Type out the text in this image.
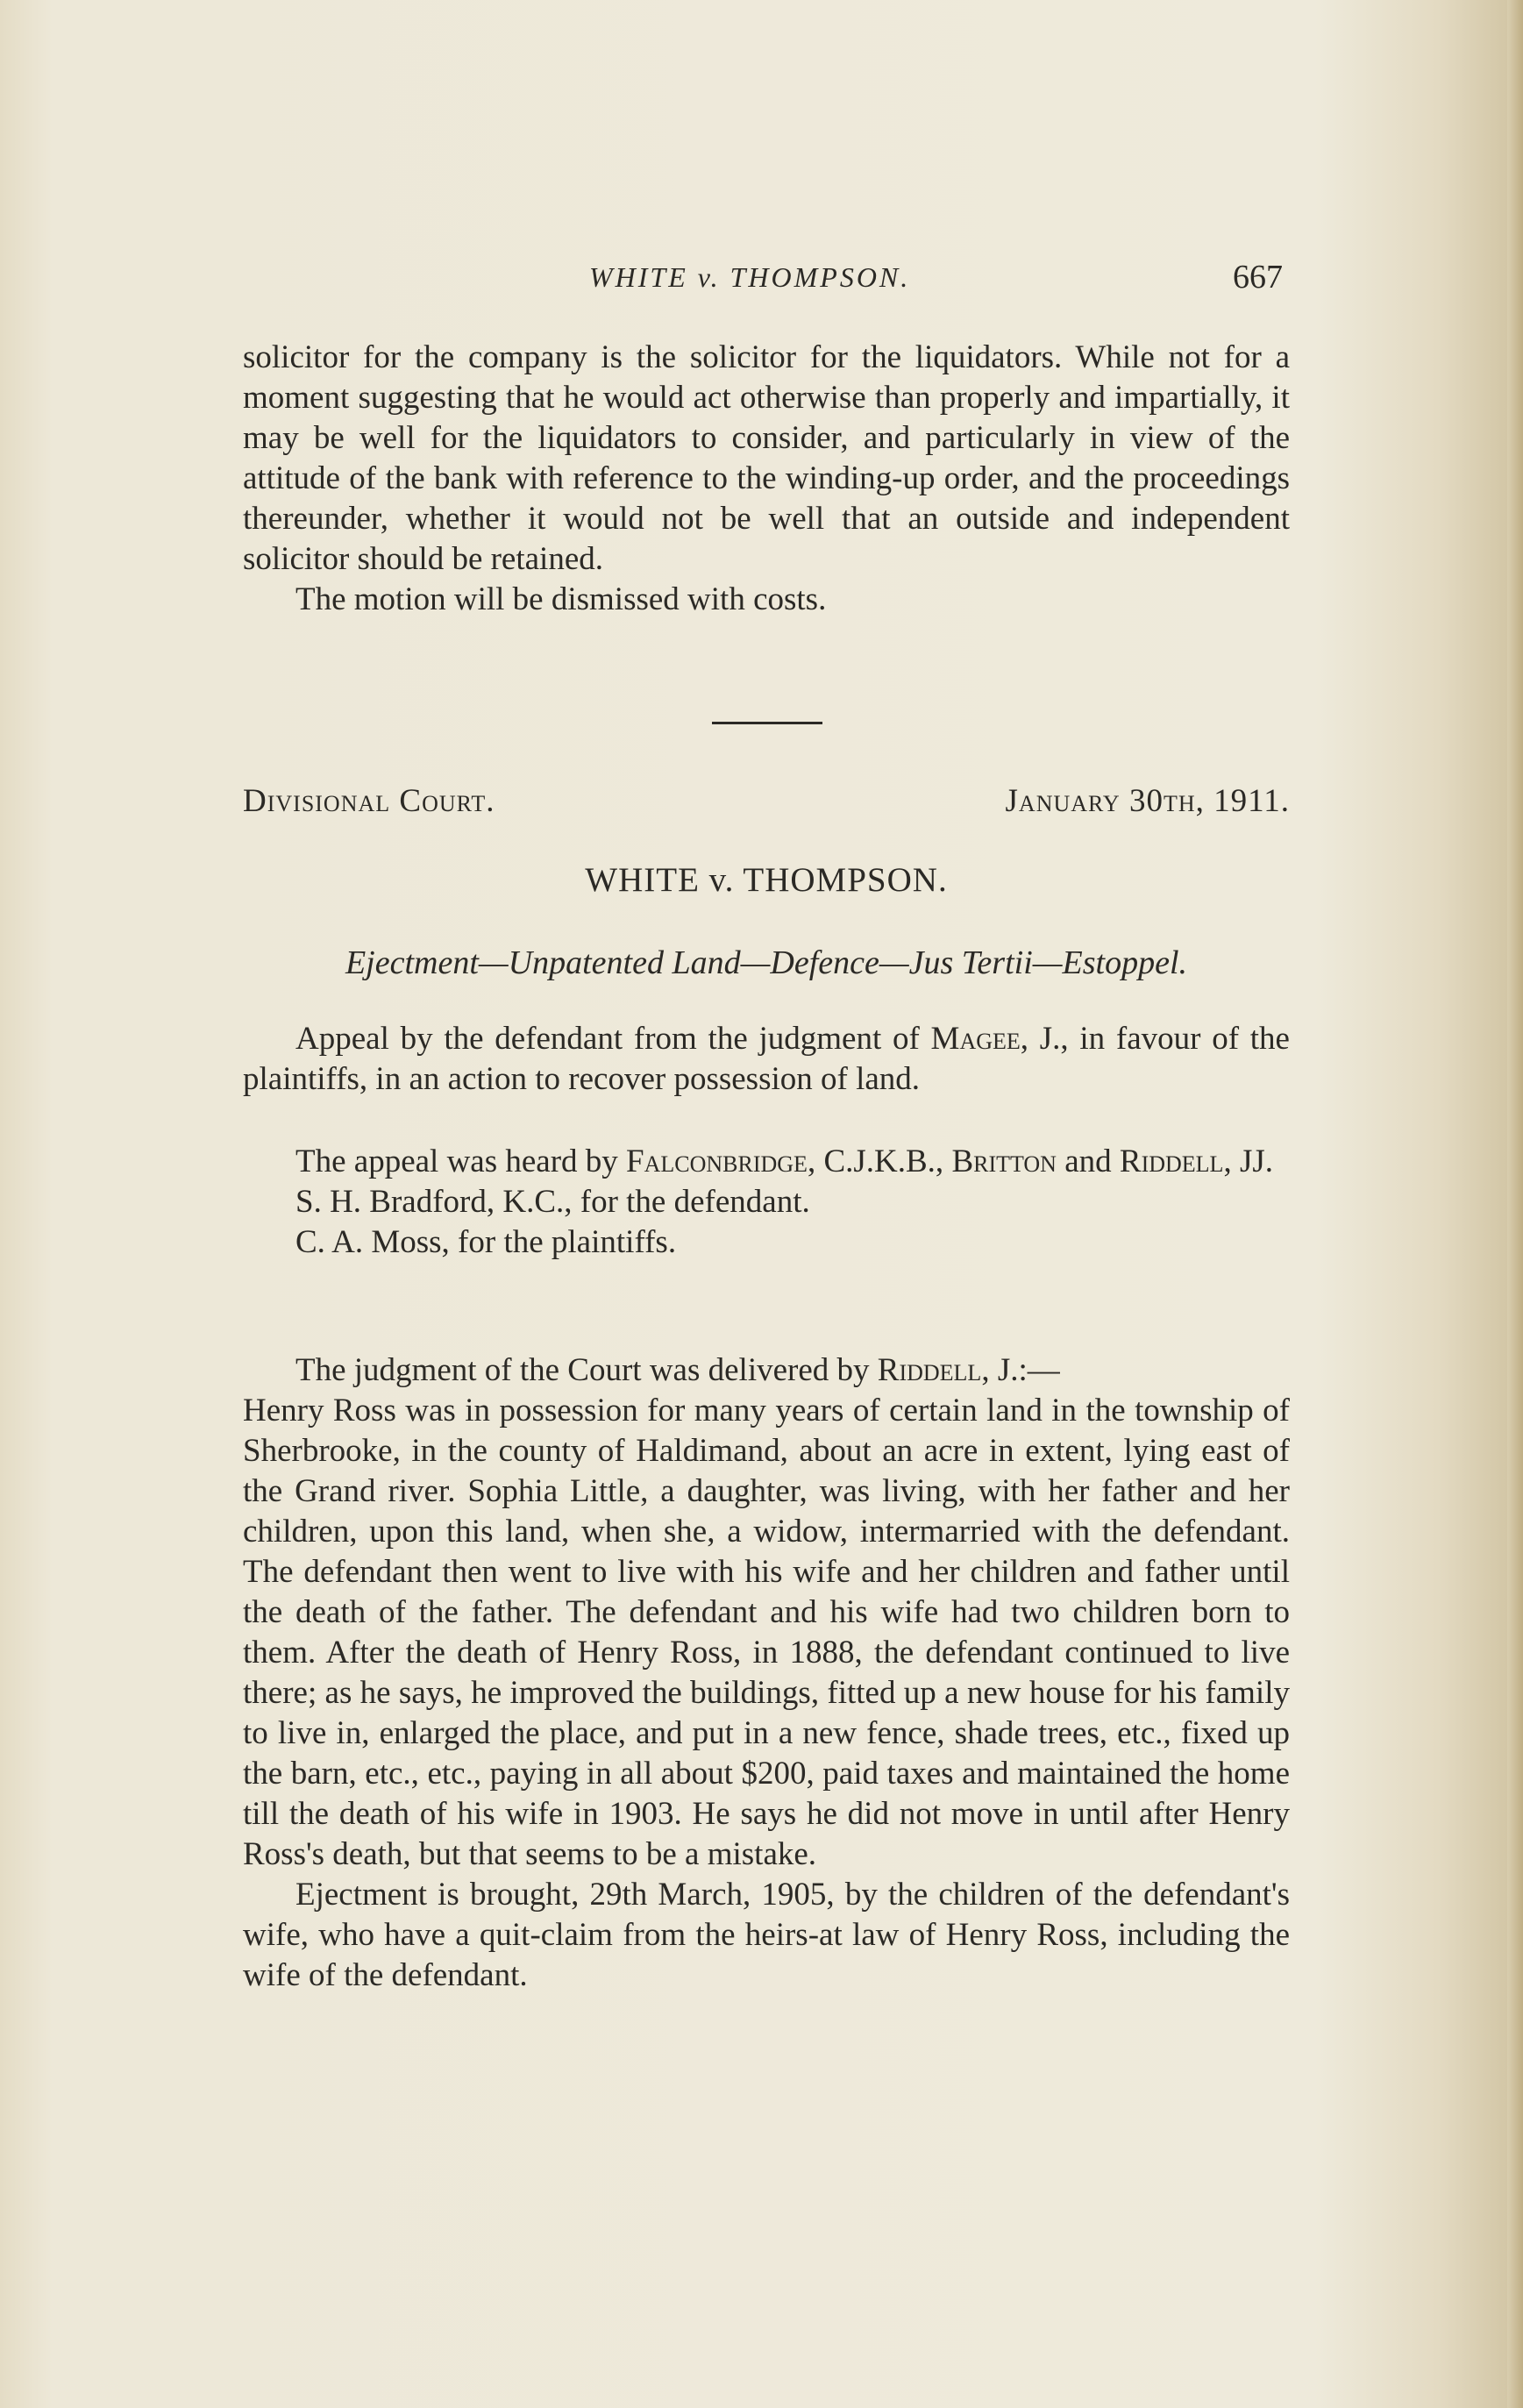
WHITE v. THOMPSON.	667

solicitor for the company is the solicitor for the liquidators. While not for a moment suggesting that he would act otherwise than properly and impartially, it may be well for the liquidators to consider, and particularly in view of the attitude of the bank with reference to the winding-up order, and the proceedings thereunder, whether it would not be well that an outside and independent solicitor should be retained.

The motion will be dismissed with costs.

Divisional Court.	January 30th, 1911.
WHITE v. THOMPSON.
Ejectment—Unpatented Land—Defence—Jus Tertii—Estoppel.

Appeal by the defendant from the judgment of Magee, J., in favour of the plaintiffs, in an action to recover possession of land.

The appeal was heard by Falconbridge, C.J.K.B., Britton and Riddell, JJ.

S. H. Bradford, K.C., for the defendant.

C. A. Moss, for the plaintiffs.

The judgment of the Court was delivered by Riddell, J.:—

Henry Ross was in possession for many years of certain land in the township of Sherbrooke, in the county of Haldimand, about an acre in extent, lying east of the Grand river. Sophia Little, a daughter, was living, with her father and her children, upon this land, when she, a widow, intermarried with the defendant. The defendant then went to live with his wife and her children and father until the death of the father. The defendant and his wife had two children born to them. After the death of Henry Ross, in 1888, the defendant continued to live there; as he says, he improved the buildings, fitted up a new house for his family to live in, enlarged the place, and put in a new fence, shade trees, etc., fixed up the barn, etc., etc., paying in all about $200, paid taxes and maintained the home till the death of his wife in 1903. He says he did not move in until after Henry Ross's death, but that seems to be a mistake.

Ejectment is brought, 29th March, 1905, by the children of the defendant's wife, who have a quit-claim from the heirs-at law of Henry Ross, including the wife of the defendant.
